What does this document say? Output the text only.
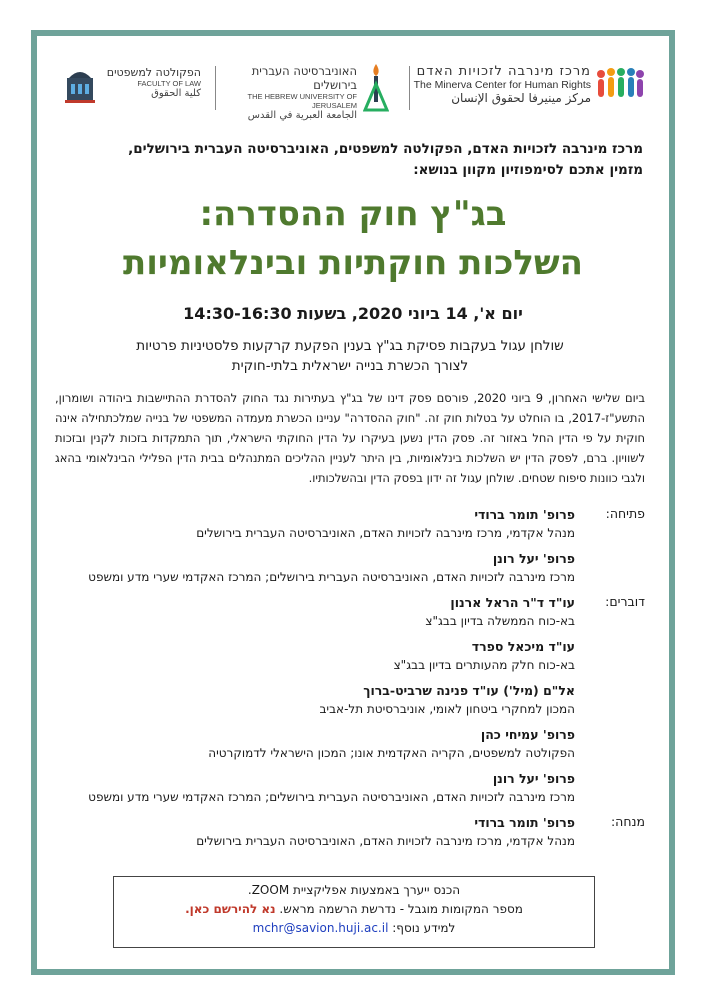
מרכז מינרבה לזכויות האדם
The Minerva Center for Human Rights
مركز مينيرفا لحقوق الإنسان
האוניברסיטה העברית בירושלים
THE HEBREW UNIVERSITY OF JERUSALEM
الجامعة العبرية في القدس
הפקולטה למשפטים
FACULTY OF LAW
كلية الحقوق
מרכז מינרבה לזכויות האדם, הפקולטה למשפטים, האוניברסיטה העברית בירושלים,
מזמין אתכם לסימפוזיון מקוון בנושא:
בג"ץ חוק ההסדרה:
השלכות חוקתיות ובינלאומיות
יום א', 14 ביוני 2020, בשעות 14:30-16:30
שולחן עגול בעקבות פסיקת בג"ץ בענין הפקעת קרקעות פלסטיניות פרטיות
לצורך הכשרת בנייה ישראלית בלתי-חוקית
ביום שלישי האחרון, 9 ביוני 2020, פורסם פסק דינו של בג"ץ בעתירות נגד החוק להסדרת ההתיישבות ביהודה ושומרון, התשע"ז-2017, בו הוחלט על בטלות חוק זה. "חוק ההסדרה" עניינו הכשרת מעמדה המשפטי של בנייה שמלכתחילה אינה חוקית על פי הדין החל באזור זה. פסק הדין נשען בעיקרו על הדין החוקתי הישראלי, תוך התמקדות בזכות לקנין ובזכות לשוויון. ברם, לפסק הדין יש השלכות בינלאומיות, בין היתר לעניין ההליכים המתנהלים בבית הדין הפלילי הבינלאומי בהאג ולגבי כוונות סיפוח שטחים. שולחן עגול זה ידון בפסק הדין ובהשלכותיו.
פתיחה:
פרופ' תומר ברודי
מנהל אקדמי, מרכז מינרבה לזכויות האדם, האוניברסיטה העברית בירושלים
פרופ' יעל רונן
מרכז מינרבה לזכויות האדם, האוניברסיטה העברית בירושלים; המרכז האקדמי שערי מדע ומשפט
דוברים:
עו"ד ד"ר הראל ארנון
בא-כוח הממשלה בדיון בבג"צ
עו"ד מיכאל ספרד
בא-כוח חלק מהעותרים בדיון בבג"צ
אל"ם (מיל') עו"ד פנינה שרביט-ברוך
המכון למחקרי ביטחון לאומי, אוניברסיטת תל-אביב
פרופ' עמיחי כהן
הפקולטה למשפטים, הקריה האקדמית אונו; המכון הישראלי לדמוקרטיה
פרופ' יעל רונן
מרכז מינרבה לזכויות האדם, האוניברסיטה העברית בירושלים; המרכז האקדמי שערי מדע ומשפט
מנחה:
פרופ' תומר ברודי
מנהל אקדמי, מרכז מינרבה לזכויות האדם, האוניברסיטה העברית בירושלים
הכנס ייערך באמצעות אפליקציית ZOOM.
מספר המקומות מוגבל - נדרשת הרשמה מראש. נא להירשם כאן.
למידע נוסף: mchr@savion.huji.ac.il
